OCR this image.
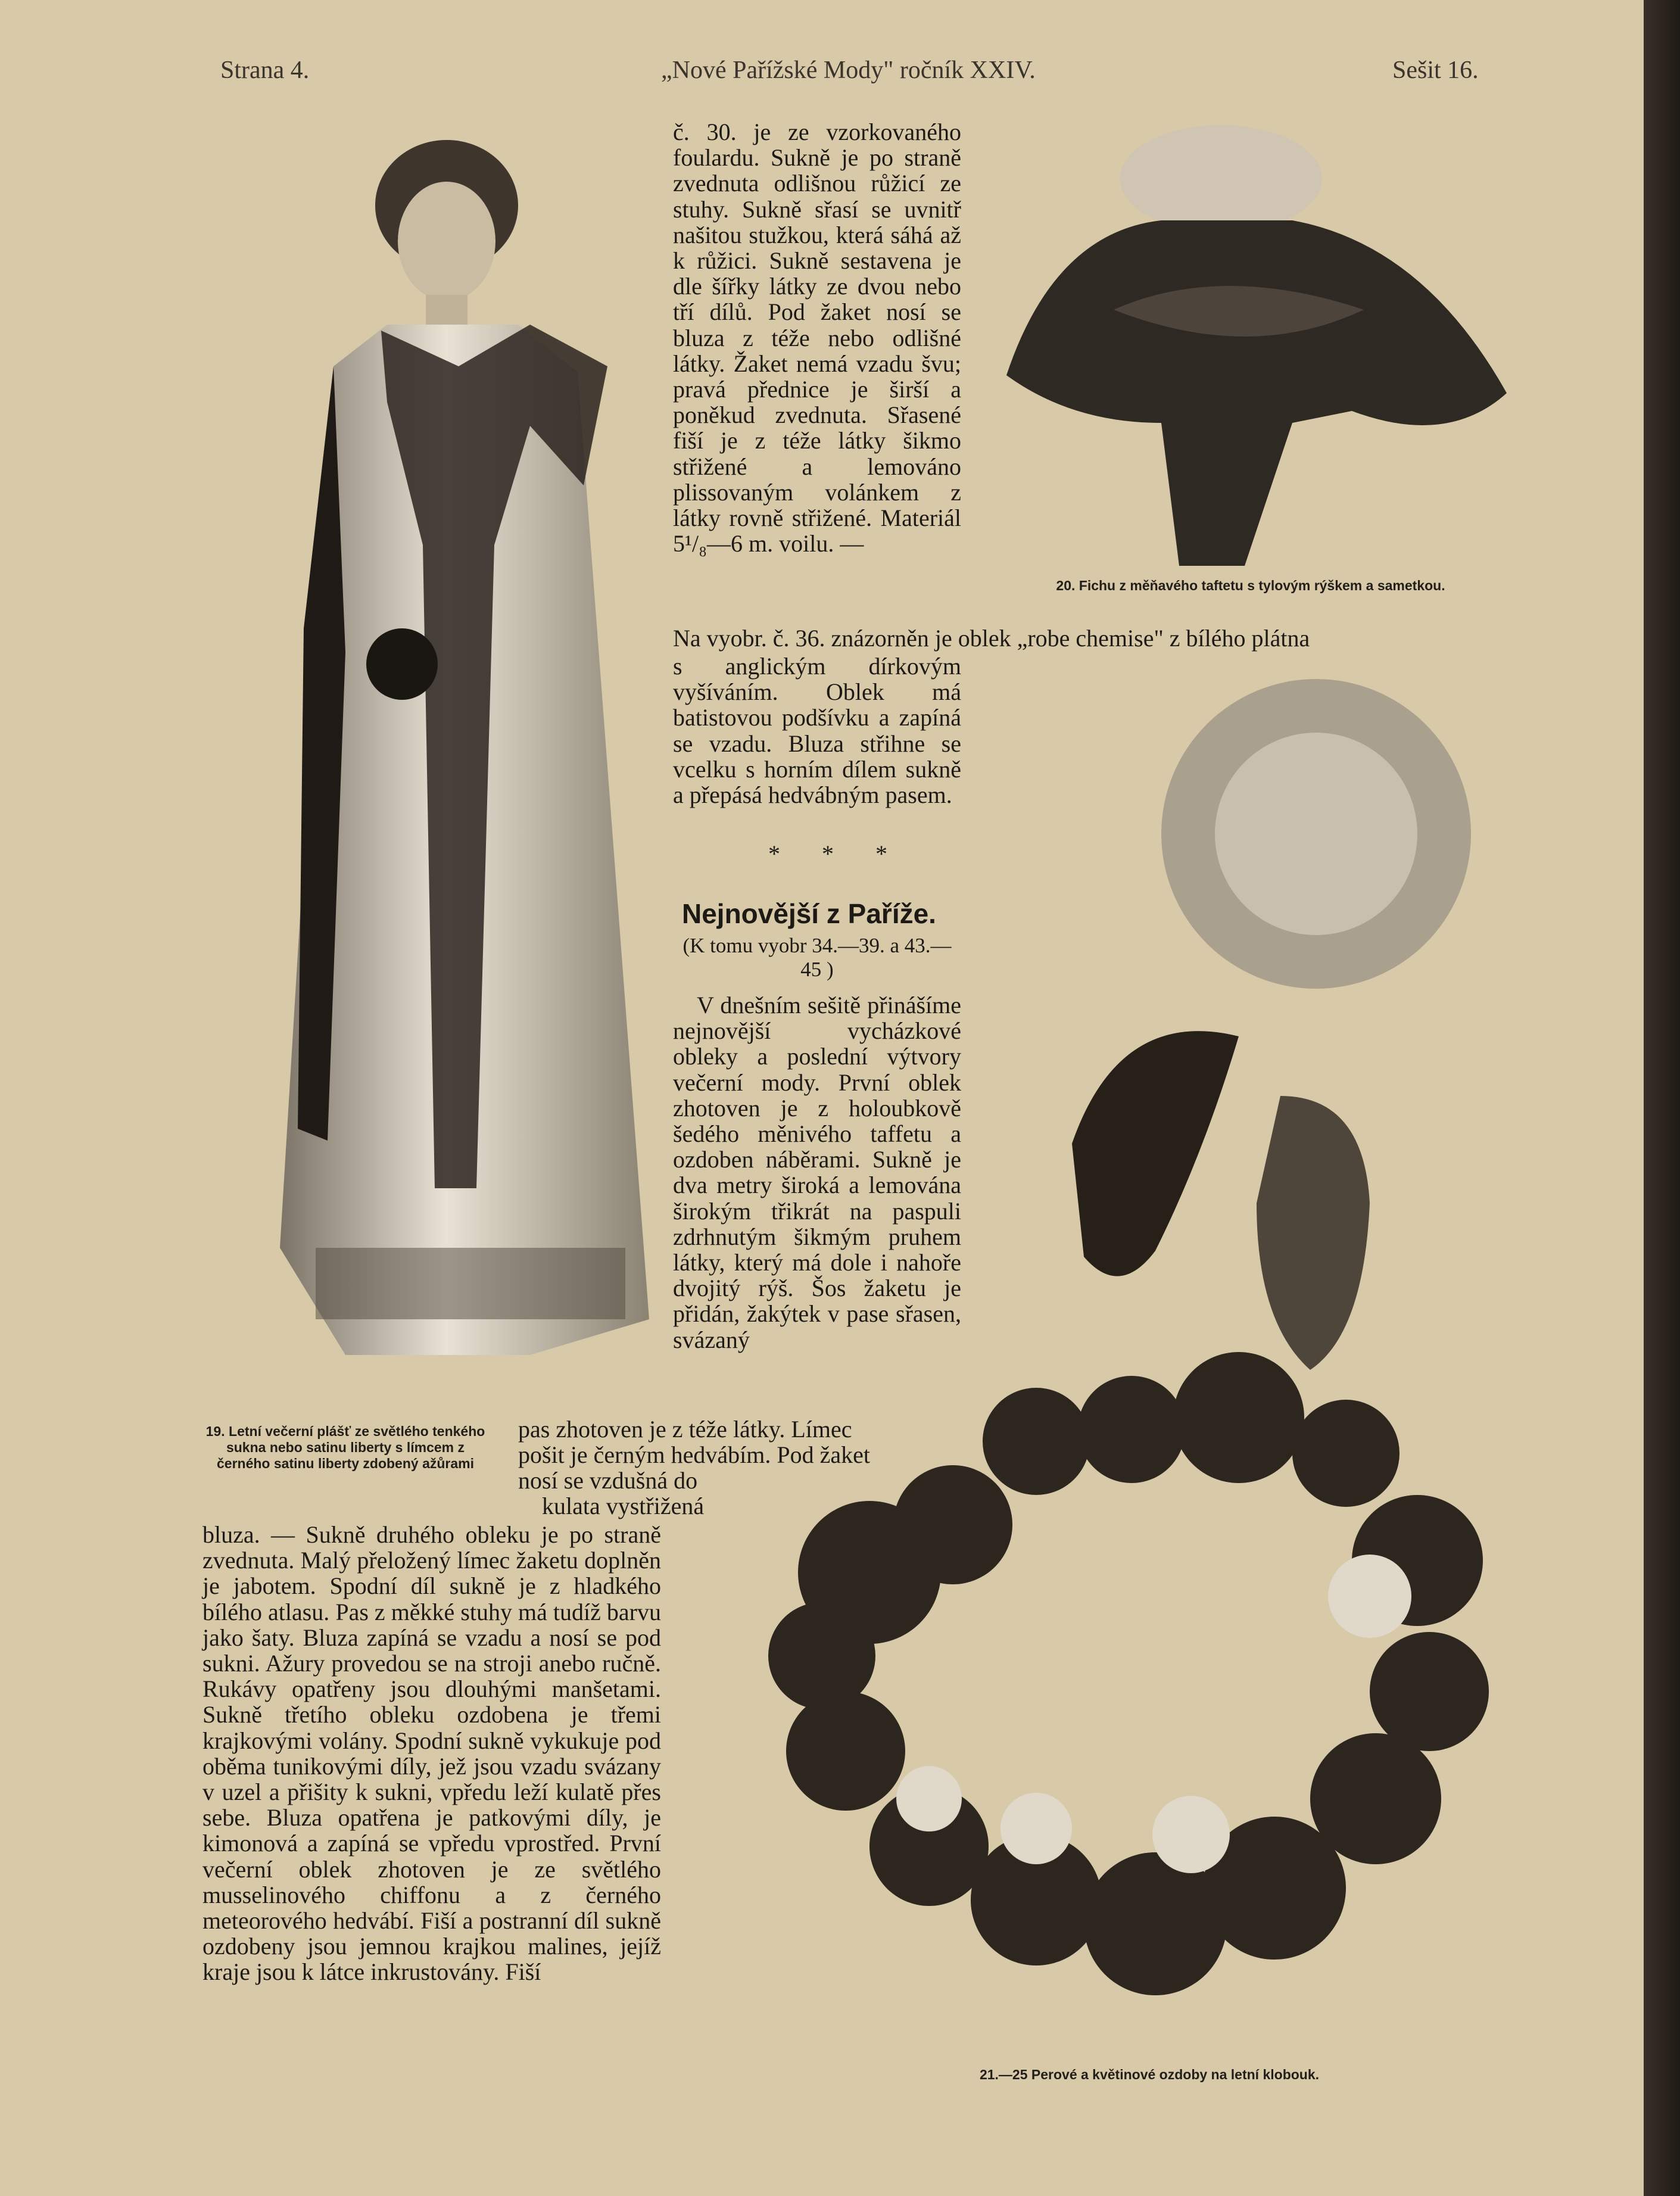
Strana 4.	„Nové Pařížské Mody" ročník XXIV.	Sešit 16.
č. 30. je ze vzorkovaného foulardu. Sukně je po straně zvednuta odlišnou růžicí ze stuhy. Sukně sřasí se uvnitř našitou stužkou, která sáhá až k růžici. Sukně sestavena je dle šířky látky ze dvou nebo tří dílů. Pod žaket nosí se bluza z téže nebo odlišné látky. Žaket nemá vzadu švu; pravá přednice je širší a poněkud zvednuta. Sřasené fiší je z téže látky šikmo střižené a lemováno plissovaným volánkem z látky rovně střižené. Materiál 5¹/₈—6 m. voilu. —
Na vyobr. č. 36. znázorněn je oblek „robe chemise" z bílého plátna
s anglickým dírkovým vyšíváním. Oblek má batistovou podšívku a zapíná se vzadu. Bluza střihne se vcelku s horním dílem sukně a přepásá hedvábným pasem.
* * *
Nejnovější z Paříže.
(K tomu vyobr 34.—39. a 43.—45 )
V dnešním sešitě přinášíme nejnovější vycházkové obleky a poslední výtvory večerní mody. První oblek zhotoven je z holoubkově šedého měnivého taffetu a ozdoben náběrami. Sukně je dva metry široká a lemována širokým třikrát na paspuli zdrhnutým šikmým pruhem látky, který má dole i nahoře dvojitý rýš. Šos žaketu je přidán, žakýtek v pase sřasen, svázaný
pas zhotoven je z téže látky. Límec
pošit je černým hedvábím. Pod žaket
nosí se vzdušná do
kulata vystřižená
bluza. — Sukně druhého obleku je po straně zvednuta. Malý přeložený límec žaketu doplněn je jabotem. Spodní díl sukně je z hladkého bílého atlasu. Pas z měkké stuhy má tudíž barvu jako šaty. Bluza zapíná se vzadu a nosí se pod sukni. Ažury provedou se na stroji anebo ručně. Rukávy opatřeny jsou dlouhými manšetami. Sukně třetího obleku ozdobena je třemi krajkovými volány. Spodní sukně vykukuje pod oběma tunikovými díly, jež jsou vzadu svázany v uzel a přišity k sukni, vpředu leží kulatě přes sebe. Bluza opatřena je patkovými díly, je kimonová a zapíná se vpředu vprostřed. První večerní oblek zhotoven je ze světlého musselinového chiffonu a z černého meteorového hedvábí. Fiší a postranní díl sukně ozdobeny jsou jemnou krajkou malines, jejíž kraje jsou k látce inkrustovány. Fiší
19. Letní večerní plášť ze světlého tenkého sukna nebo satinu liberty s límcem z černého satinu liberty zdobený ažůrami
20. Fichu z měňavého taftetu s tylovým rýškem a sametkou.
21.—25 Perové a květinové ozdoby na letní klobouk.
